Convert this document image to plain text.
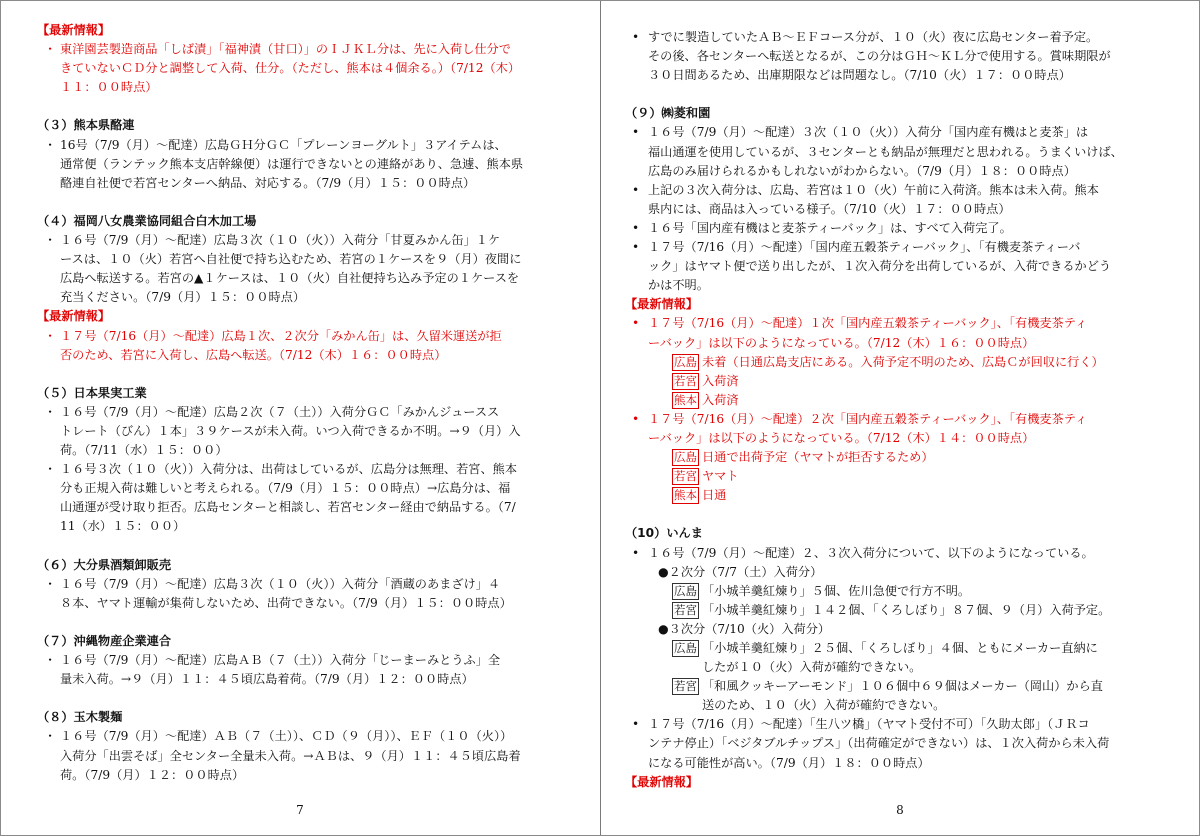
【最新情報】
・ 東洋園芸製造商品「しば漬」「福神漬（甘口）」のＩＪＫＬ分は、先に入荷し仕分で
きていないＣＤ分と調整して入荷、仕分。（ただし、熊本は４個余る。）（7/12（木）
１１：００時点）
（３）熊本県酪連
・ 16号（7/9（月）～配達）広島ＧＨ分ＧＣ「プレーンヨーグルト」３アイテムは、
通常便（ランテック熊本支店幹線便）は運行できないとの連絡があり、急遽、熊本県
酪連自社便で若宮センターへ納品、対応する。（7/9（月）１５：００時点）
（４）福岡八女農業協同組合白木加工場
・ １６号（7/9（月）～配達）広島３次（１０（火））入荷分「甘夏みかん缶」１ケ
ースは、１０（火）若宮へ自社便で持ち込むため、若宮の１ケースを９（月）夜間に
広島へ転送する。若宮の▲１ケースは、１０（火）自社便持ち込み予定の１ケースを
充当ください。（7/9（月）１５：００時点）
【最新情報】
・ １７号（7/16（月）～配達）広島１次、２次分「みかん缶」は、久留米運送が拒
否のため、若宮に入荷し、広島へ転送。（7/12（木）１６：００時点）
（５）日本果実工業
・ １６号（7/9（月）～配達）広島２次（７（土））入荷分ＧＣ「みかんジュースス
トレート（びん）１本」３９ケースが未入荷。いつ入荷できるか不明。→９（月）入
荷。（7/11（水）１５：００）
・ １６号３次（１０（火））入荷分は、出荷はしているが、広島分は無理、若宮、熊本
分も正規入荷は難しいと考えられる。（7/9（月）１５：００時点）→広島分は、福
山通運が受け取り拒否。広島センターと相談し、若宮センター経由で納品する。（7/
11（水）１５：００）
（６）大分県酒類卸販売
・ １６号（7/9（月）～配達）広島３次（１０（火））入荷分「酒蔵のあまざけ」４
８本、ヤマト運輸が集荷しないため、出荷できない。（7/9（月）１５：００時点）
（７）沖縄物産企業連合
・ １６号（7/9（月）～配達）広島ＡＢ（７（土））入荷分「じーまーみとうふ」全
量未入荷。→９（月）１１：４５頃広島着荷。（7/9（月）１２：００時点）
（８）玉木製麺
・ １６号（7/9（月）～配達）ＡＢ（７（土））、ＣＤ（９（月））、ＥＦ（１０（火））
入荷分「出雲そば」全センター全量未入荷。→ＡＢは、９（月）１１：４５頃広島着
荷。（7/9（月）１２：００時点）
7
• すでに製造していたＡＢ～ＥＦコース分が、１０（火）夜に広島センター着予定。
その後、各センターへ転送となるが、この分はＧＨ～ＫＬ分で使用する。賞味期限が
３０日間あるため、出庫期限などは問題なし。（7/10（火）１７：００時点）
（９）㈱菱和園
• １６号（7/9（月）～配達）３次（１０（火））入荷分「国内産有機はと麦茶」は
福山通運を使用しているが、３センターとも納品が無理だと思われる。うまくいけば、
広島のみ届けられるかもしれないがわからない。（7/9（月）１８：００時点）
• 上記の３次入荷分は、広島、若宮は１０（火）午前に入荷済。熊本は未入荷。熊本
県内には、商品は入っている様子。（7/10（火）１７：００時点）
• １６号「国内産有機はと麦茶ティーバック」は、すべて入荷完了。
• １７号（7/16（月）～配達）「国内産五穀茶ティーバック」、「有機麦茶ティーバ
ック」はヤマト便で送り出したが、１次入荷分を出荷しているが、入荷できるかどう
かは不明。
【最新情報】
• １７号（7/16（月）～配達）１次「国内産五穀茶ティーバック」、「有機麦茶ティ
ーバック」は以下のようになっている。（7/12（木）１６：００時点）
広島 未着（日通広島支店にある。入荷予定不明のため、広島Ｃが回収に行く）
若宮 入荷済
熊本 入荷済
• １７号（7/16（月）～配達）２次「国内産五穀茶ティーバック」、「有機麦茶ティ
ーバック」は以下のようになっている。（7/12（木）１４：００時点）
広島 日通で出荷予定（ヤマトが拒否するため）
若宮 ヤマト
熊本 日通
（10）いんま
• １６号（7/9（月）～配達）２、３次入荷分について、以下のようになっている。
●２次分（7/7（土）入荷分）
広島 「小城羊羹紅煉り」５個、佐川急便で行方不明。
若宮 「小城羊羹紅煉り」１４２個、「くろしぼり」８７個、９（月）入荷予定。
●３次分（7/10（火）入荷分）
広島 「小城羊羹紅煉り」２５個、「くろしぼり」４個、ともにメーカー直納に
したが１０（火）入荷が確約できない。
若宮 「和風クッキーアーモンド」１０６個中６９個はメーカー（岡山）から直
送のため、１０（火）入荷が確約できない。
• １７号（7/16（月）～配達）「生八ツ橋」（ヤマト受付不可）「久助太郎」（ＪＲコ
ンテナ停止）「ベジタブルチップス」（出荷確定ができない）は、１次入荷から未入荷
になる可能性が高い。（7/9（月）１８：００時点）
【最新情報】
8
